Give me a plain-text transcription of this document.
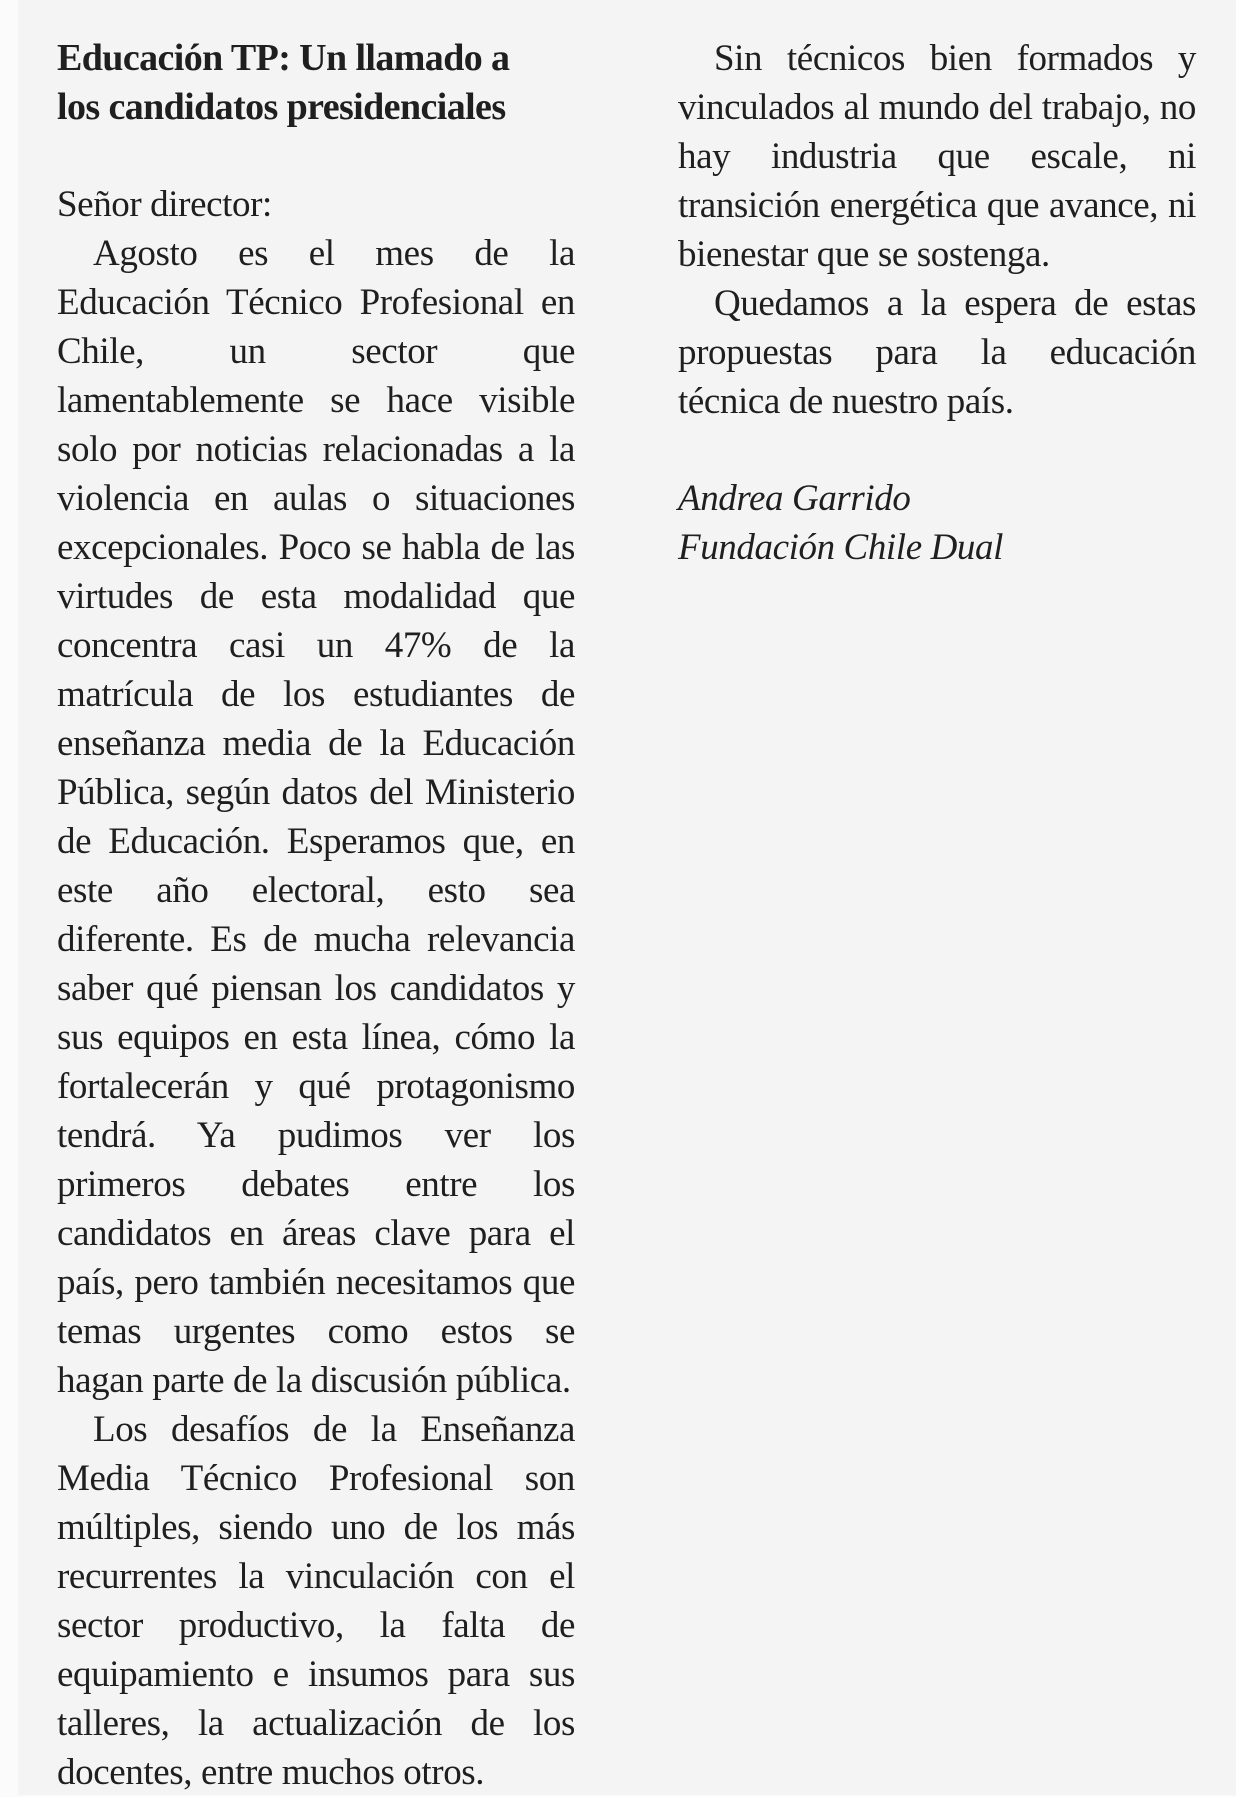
Educación TP: Un llamado a
los candidatos presidenciales
Señor director:

Agosto es el mes de la Educación Técnico Profesional en Chile, un sector que lamentablemente se hace visible solo por noticias relacionadas a la violencia en aulas o situaciones excepcionales. Poco se habla de las virtudes de esta modalidad que concentra casi un 47% de la matrícula de los estudiantes de enseñanza media de la Educación Pública, según datos del Ministerio de Educación. Esperamos que, en este año electoral, esto sea diferente. Es de mucha relevancia saber qué piensan los candidatos y sus equipos en esta línea, cómo la fortalecerán y qué protagonismo tendrá. Ya pudimos ver los primeros debates entre los candidatos en áreas clave para el país, pero también necesitamos que temas urgentes como estos se hagan parte de la discusión pública.

Los desafíos de la Enseñanza Media Técnico Profesional son múltiples, siendo uno de los más recurrentes la vinculación con el sector productivo, la falta de equipamiento e insumos para sus talleres, la actualización de los docentes, entre muchos otros.

Sin técnicos bien formados y vinculados al mundo del trabajo, no hay industria que escale, ni transición energética que avance, ni bienestar que se sostenga.

Quedamos a la espera de estas propuestas para la educación técnica de nuestro país.

Andrea Garrido
Fundación Chile Dual
